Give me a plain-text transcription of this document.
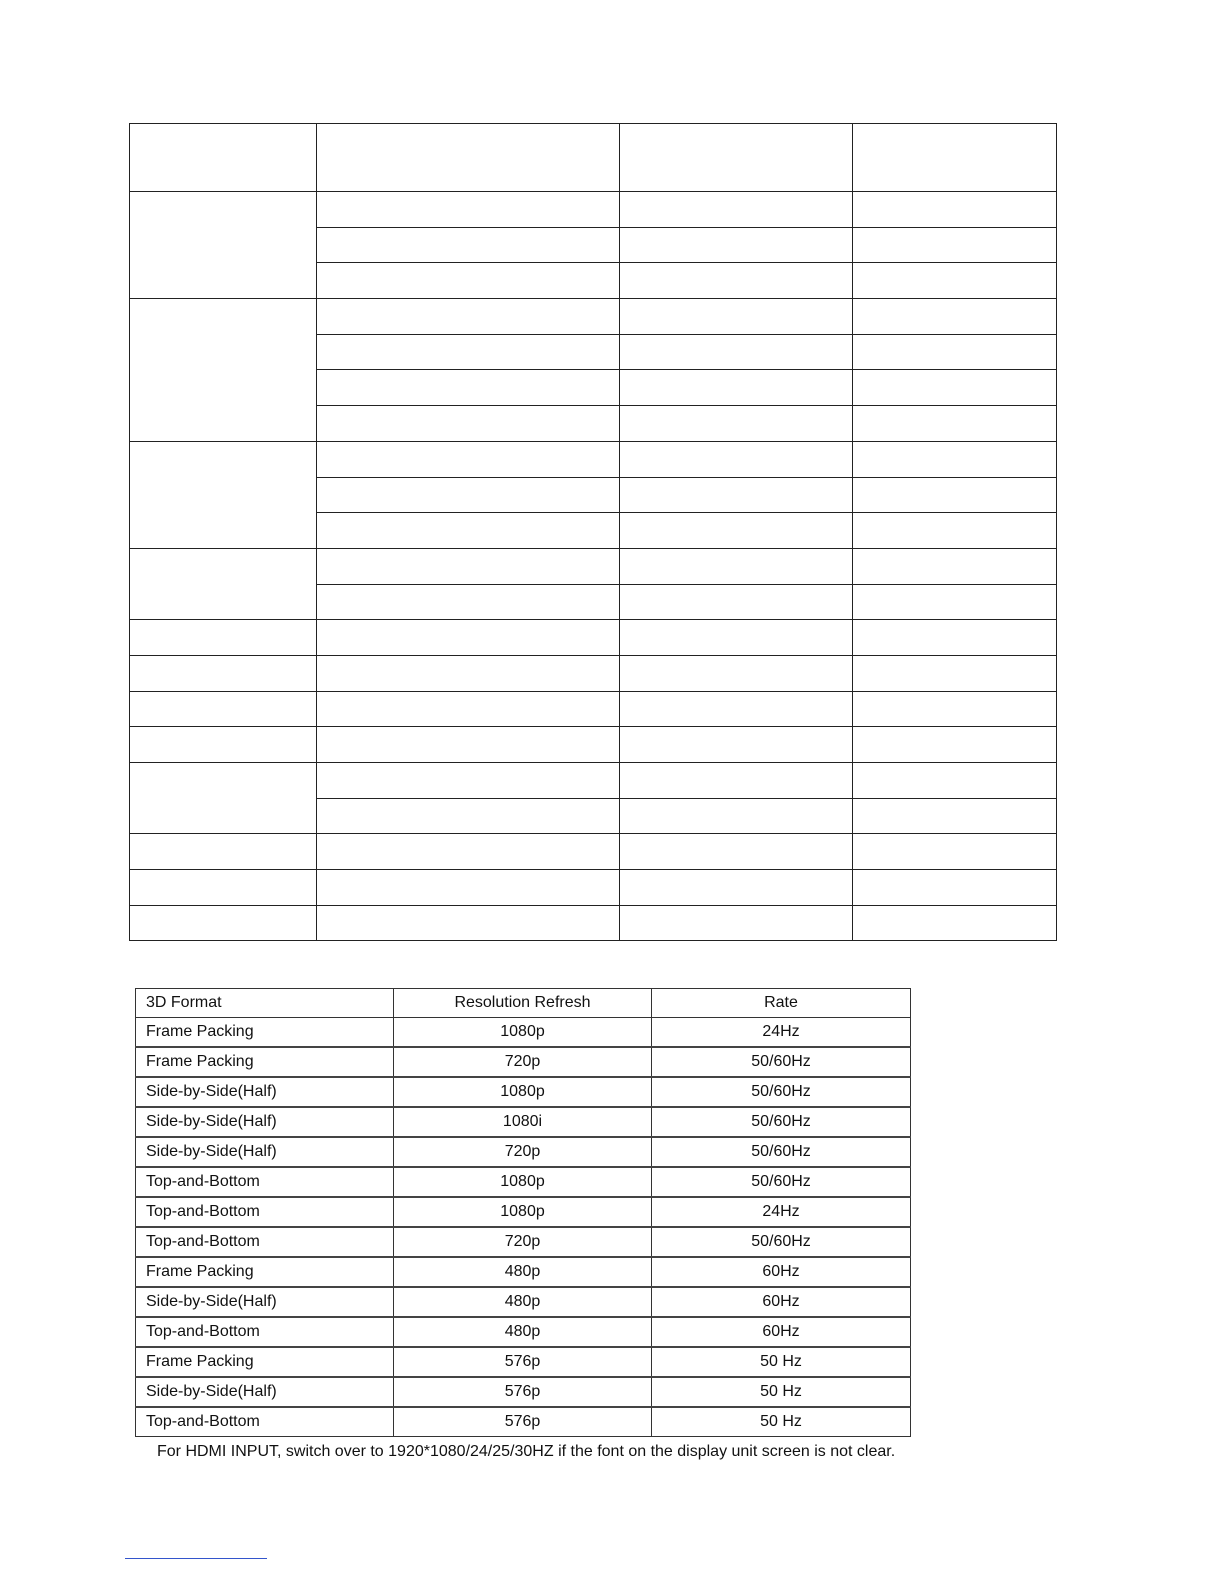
3D Format	Resolution Refresh	Rate
Frame Packing	1080p	24Hz
Frame Packing	720p	50/60Hz
Side-by-Side(Half)	1080p	50/60Hz
Side-by-Side(Half)	1080i	50/60Hz
Side-by-Side(Half)	720p	50/60Hz
Top-and-Bottom	1080p	50/60Hz
Top-and-Bottom	1080p	24Hz
Top-and-Bottom	720p	50/60Hz
Frame Packing	480p	60Hz
Side-by-Side(Half)	480p	60Hz
Top-and-Bottom	480p	60Hz
Frame Packing	576p	50 Hz
Side-by-Side(Half)	576p	50 Hz
Top-and-Bottom	576p	50 Hz
For HDMI INPUT, switch over to 1920*1080/24/25/30HZ if the font on the display unit screen is not clear.
